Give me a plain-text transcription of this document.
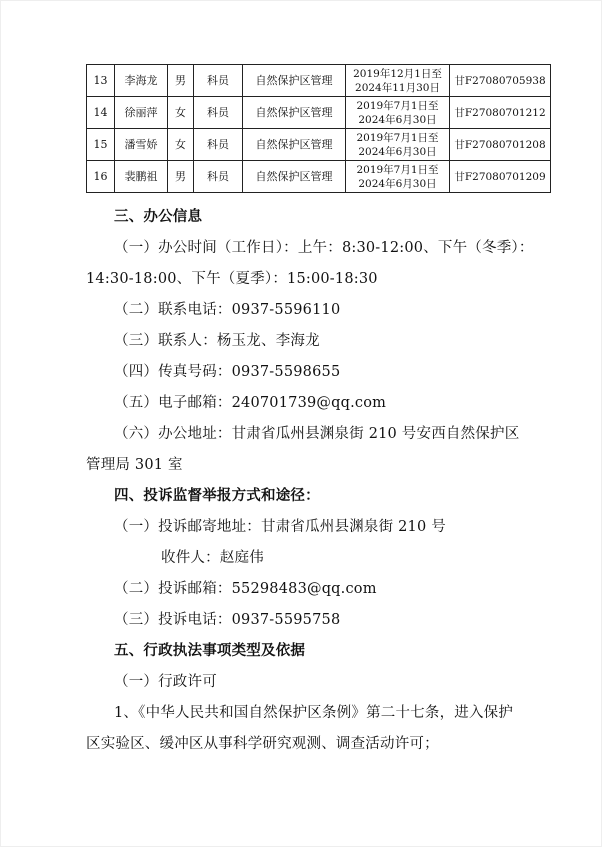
13	李海龙	男	科员	自然保护区管理	2019年12月1日至
2024年11月30日	甘F27080705938
14	徐丽萍	女	科员	自然保护区管理	2019年7月1日至
2024年6月30日	甘F27080701212
15	潘雪娇	女	科员	自然保护区管理	2019年7月1日至
2024年6月30日	甘F27080701208
16	裴鹏祖	男	科员	自然保护区管理	2019年7月1日至
2024年6月30日	甘F27080701209
三、办公信息
（一）办公时间（工作日）：上午：8:30-12:00、下午（冬季）：
14:30-18:00、下午（夏季）：15:00-18:30
（二）联系电话：0937-5596110
（三）联系人：杨玉龙、李海龙
（四）传真号码：0937-5598655
（五）电子邮箱：240701739@qq.com
（六）办公地址：甘肃省瓜州县渊泉街 210 号安西自然保护区
管理局 301 室
四、投诉监督举报方式和途径：
（一）投诉邮寄地址：甘肃省瓜州县渊泉街 210 号
收件人：赵庭伟
（二）投诉邮箱：55298483@qq.com
（三）投诉电话：0937-5595758
五、行政执法事项类型及依据
（一）行政许可
1、《中华人民共和国自然保护区条例》第二十七条，进入保护
区实验区、缓冲区从事科学研究观测、调查活动许可；
